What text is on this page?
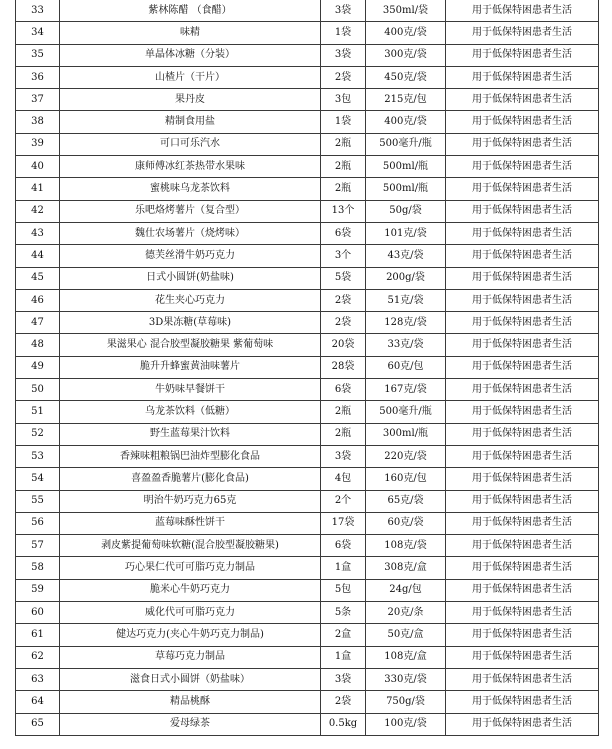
33	紫林陈醋 （食醋）	3袋	350ml/袋	用于低保特困患者生活
34	味精	1袋	400克/袋	用于低保特困患者生活
35	单晶体冰糖（分装）	3袋	300克/袋	用于低保特困患者生活
36	山楂片（干片）	2袋	450克/袋	用于低保特困患者生活
37	果丹皮	3包	215克/包	用于低保特困患者生活
38	精制食用盐	1袋	400克/袋	用于低保特困患者生活
39	可口可乐汽水	2瓶	500毫升/瓶	用于低保特困患者生活
40	康师傅冰红茶热带水果味	2瓶	500ml/瓶	用于低保特困患者生活
41	蜜桃味乌龙茶饮料	2瓶	500ml/瓶	用于低保特困患者生活
42	乐吧烙烤薯片（复合型）	13个	50g/袋	用于低保特困患者生活
43	魏仕农场薯片（烧烤味）	6袋	101克/袋	用于低保特困患者生活
44	德芙丝滑牛奶巧克力	3个	43克/袋	用于低保特困患者生活
45	日式小圆饼(奶盐味)	5袋	200g/袋	用于低保特困患者生活
46	花生夹心巧克力	2袋	51克/袋	用于低保特困患者生活
47	3D果冻糖(草莓味)	2袋	128克/袋	用于低保特困患者生活
48	果滋果心 混合胶型凝胶糖果 紫葡萄味	20袋	33克/袋	用于低保特困患者生活
49	脆升升蜂蜜黄油味薯片	28袋	60克/包	用于低保特困患者生活
50	牛奶味早餐饼干	6袋	167克/袋	用于低保特困患者生活
51	乌龙茶饮料（低糖）	2瓶	500毫升/瓶	用于低保特困患者生活
52	野生蓝莓果汁饮料	2瓶	300ml/瓶	用于低保特困患者生活
53	香辣味粗粮锅巴油炸型膨化食品	3袋	220克/袋	用于低保特困患者生活
54	喜盈盈香脆薯片(膨化食品)	4包	160克/包	用于低保特困患者生活
55	明治牛奶巧克力65克	2个	65克/袋	用于低保特困患者生活
56	蓝莓味酥性饼干	17袋	60克/袋	用于低保特困患者生活
57	剥皮紫提葡萄味软糖(混合胶型凝胶糖果)	6袋	108克/袋	用于低保特困患者生活
58	巧心果仁代可可脂巧克力制品	1盒	308克/盒	用于低保特困患者生活
59	脆米心牛奶巧克力	5包	24g/包	用于低保特困患者生活
60	威化代可可脂巧克力	5条	20克/条	用于低保特困患者生活
61	健达巧克力(夹心牛奶巧克力制品)	2盒	50克/盒	用于低保特困患者生活
62	草莓巧克力制品	1盒	108克/盒	用于低保特困患者生活
63	滋食日式小圆饼（奶盐味）	3袋	330克/袋	用于低保特困患者生活
64	精品桃酥	2袋	750g/袋	用于低保特困患者生活
65	爱母绿茶	0.5kg	100克/袋	用于低保特困患者生活
